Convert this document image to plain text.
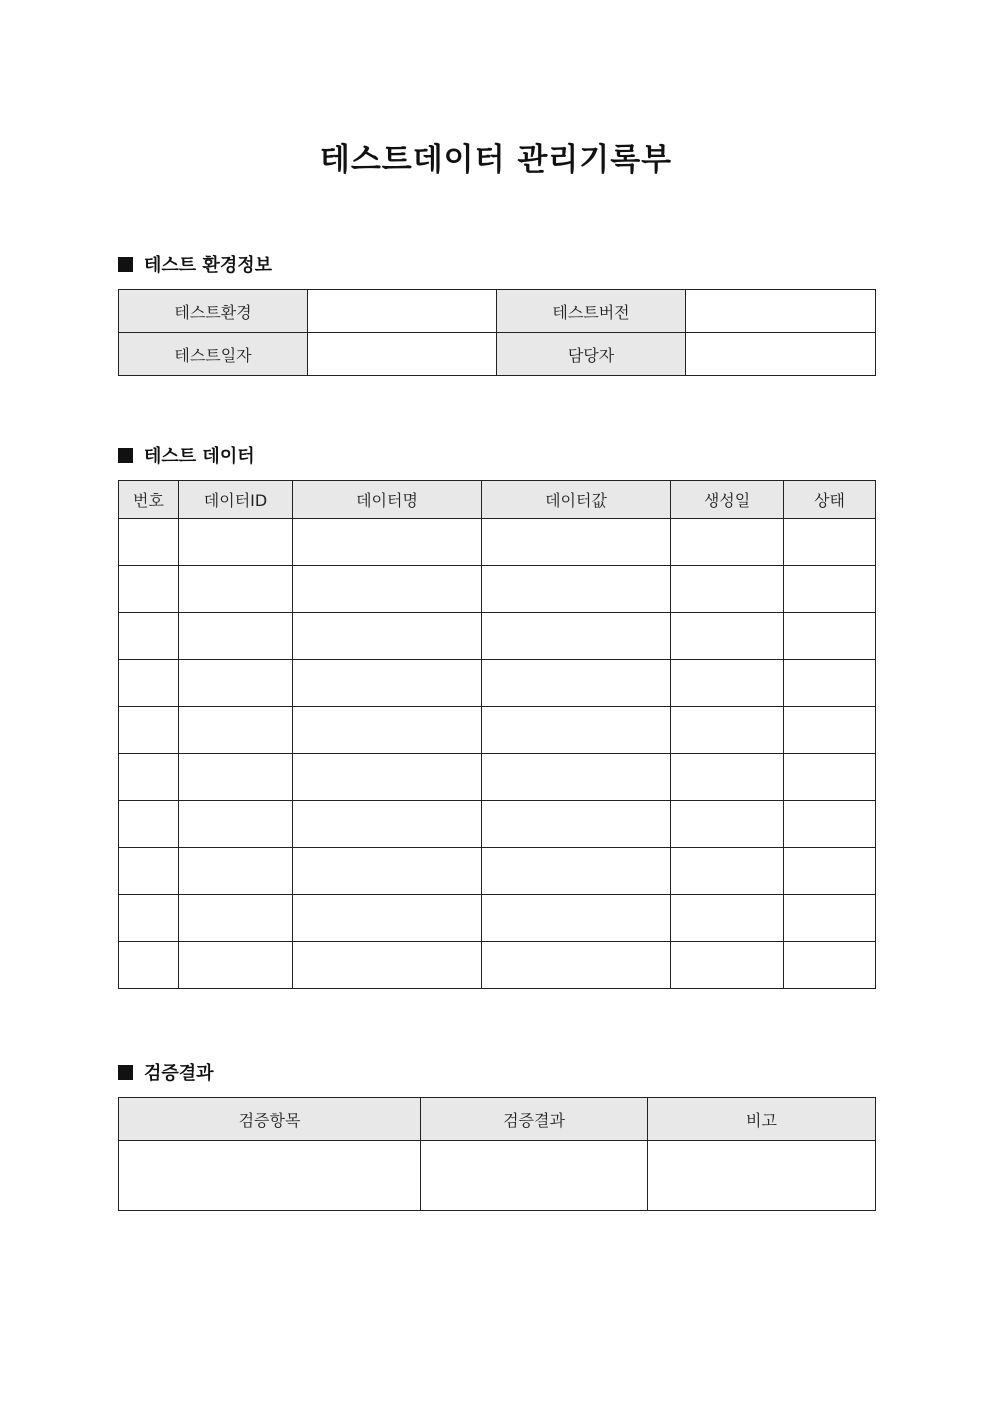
테스트데이터 관리기록부
테스트 환경정보
테스트환경		테스트버전	
테스트일자		담당자	
테스트 데이터
번호	데이터ID	데이터명	데이터값	생성일	상태

검증결과
검증항목	검증결과	비고
